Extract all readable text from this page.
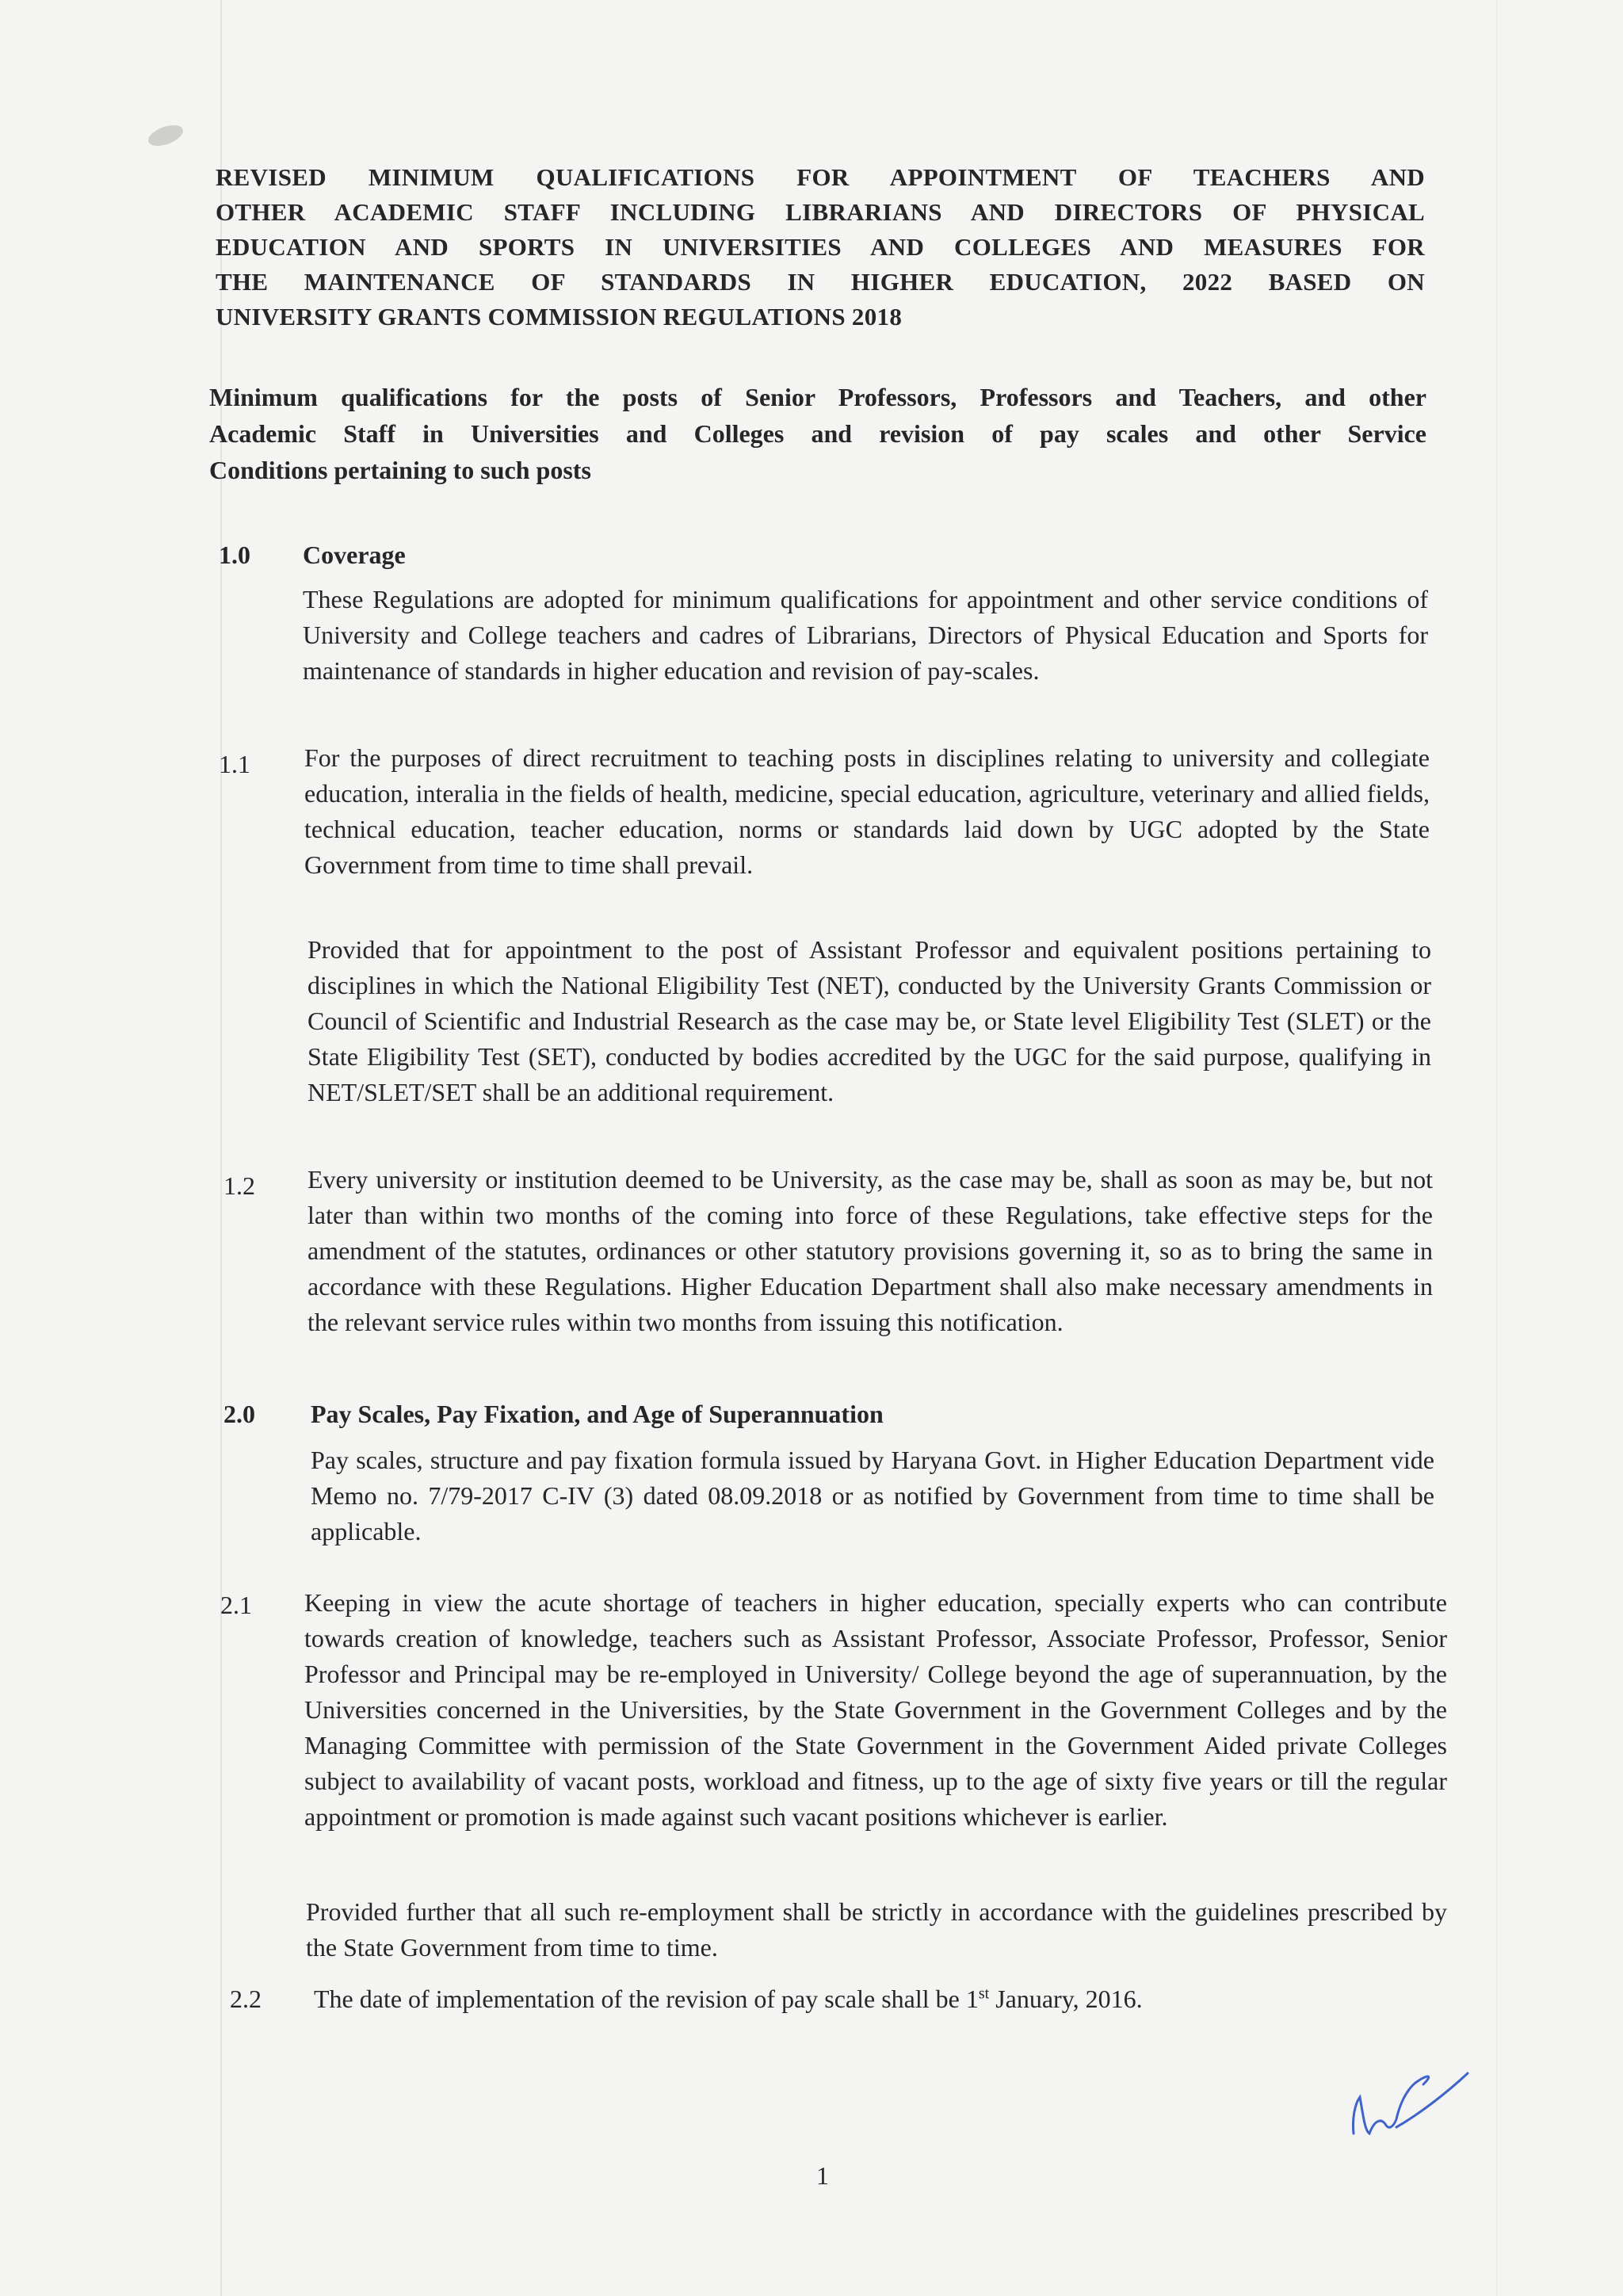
REVISED MINIMUM QUALIFICATIONS FOR APPOINTMENT OF TEACHERS AND
OTHER ACADEMIC STAFF INCLUDING LIBRARIANS AND DIRECTORS OF PHYSICAL
EDUCATION AND SPORTS IN UNIVERSITIES AND COLLEGES AND MEASURES FOR
THE MAINTENANCE OF STANDARDS IN HIGHER EDUCATION, 2022 BASED ON
UNIVERSITY GRANTS COMMISSION REGULATIONS 2018
Minimum qualifications for the posts of Senior Professors, Professors and Teachers, and other
Academic Staff in Universities and Colleges and revision of pay scales and other Service
Conditions pertaining to such posts
1.0 Coverage
These Regulations are adopted for minimum qualifications for appointment and other service conditions of University and College teachers and cadres of Librarians, Directors of Physical Education and Sports for maintenance of standards in higher education and revision of pay-scales.
1.1 For the purposes of direct recruitment to teaching posts in disciplines relating to university and collegiate education, interalia in the fields of health, medicine, special education, agriculture, veterinary and allied fields, technical education, teacher education, norms or standards laid down by UGC adopted by the State Government from time to time shall prevail.
Provided that for appointment to the post of Assistant Professor and equivalent positions pertaining to disciplines in which the National Eligibility Test (NET), conducted by the University Grants Commission or Council of Scientific and Industrial Research as the case may be, or State level Eligibility Test (SLET) or the State Eligibility Test (SET), conducted by bodies accredited by the UGC for the said purpose, qualifying in NET/SLET/SET shall be an additional requirement.
1.2 Every university or institution deemed to be University, as the case may be, shall as soon as may be, but not later than within two months of the coming into force of these Regulations, take effective steps for the amendment of the statutes, ordinances or other statutory provisions governing it, so as to bring the same in accordance with these Regulations. Higher Education Department shall also make necessary amendments in the relevant service rules within two months from issuing this notification.
2.0 Pay Scales, Pay Fixation, and Age of Superannuation
Pay scales, structure and pay fixation formula issued by Haryana Govt. in Higher Education Department vide Memo no. 7/79-2017 C-IV (3) dated 08.09.2018 or as notified by Government from time to time shall be applicable.
2.1 Keeping in view the acute shortage of teachers in higher education, specially experts who can contribute towards creation of knowledge, teachers such as Assistant Professor, Associate Professor, Professor, Senior Professor and Principal may be re-employed in University/ College beyond the age of superannuation, by the Universities concerned in the Universities, by the State Government in the Government Colleges and by the Managing Committee with permission of the State Government in the Government Aided private Colleges subject to availability of vacant posts, workload and fitness, up to the age of sixty five years or till the regular appointment or promotion is made against such vacant positions whichever is earlier.
Provided further that all such re-employment shall be strictly in accordance with the guidelines prescribed by the State Government from time to time.
2.2 The date of implementation of the revision of pay scale shall be 1st January, 2016.
1
